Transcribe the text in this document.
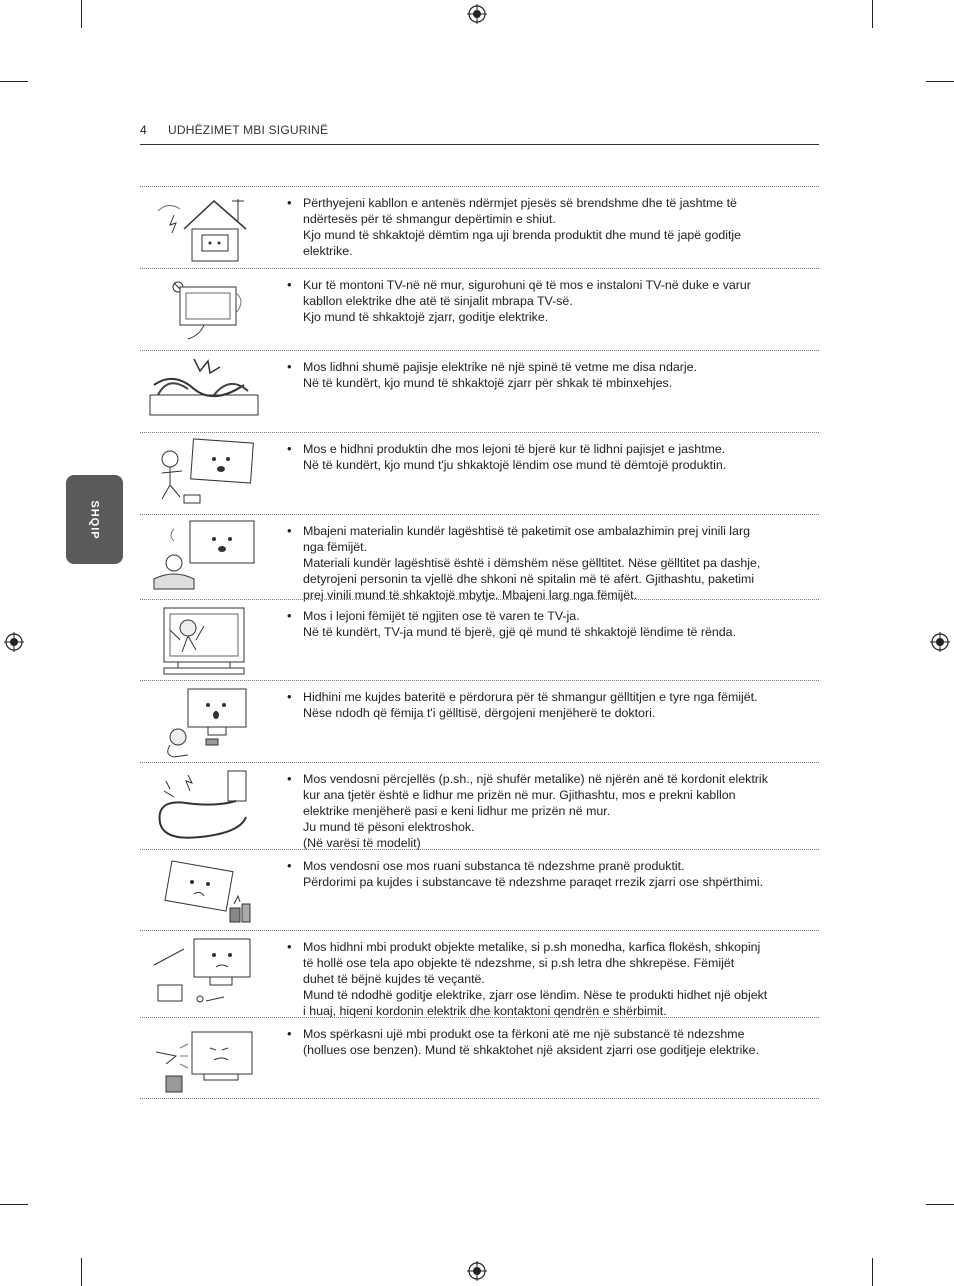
4 UDHËZIMET MBI SIGURINË
SHQIP
• Përthyejeni kabllon e antenës ndërmjet pjesës së brendshme dhe të jashtme të
ndërtesës për të shmangur depërtimin e shiut.
Kjo mund të shkaktojë dëmtim nga uji brenda produktit dhe mund të japë goditje
elektrike.
• Kur të montoni TV-në në mur, sigurohuni që të mos e instaloni TV-në duke e varur
kabllon elektrike dhe atë të sinjalit mbrapa TV-së.
Kjo mund të shkaktojë zjarr, goditje elektrike.
• Mos lidhni shumë pajisje elektrike në një spinë të vetme me disa ndarje.
Në të kundërt, kjo mund të shkaktojë zjarr për shkak të mbinxehjes.
• Mos e hidhni produktin dhe mos lejoni të bjerë kur të lidhni pajisjet e jashtme.
Në të kundërt, kjo mund t'ju shkaktojë lëndim ose mund të dëmtojë produktin.
• Mbajeni materialin kundër lagështisë të paketimit ose ambalazhimin prej vinili larg
nga fëmijët.
Materiali kundër lagështisë është i dëmshëm nëse gëlltitet. Nëse gëlltitet pa dashje,
detyrojeni personin ta vjellë dhe shkoni në spitalin më të afërt. Gjithashtu, paketimi
prej vinili mund të shkaktojë mbytje. Mbajeni larg nga fëmijët.
• Mos i lejoni fëmijët të ngjiten ose të varen te TV-ja.
Në të kundërt, TV-ja mund të bjerë, gjë që mund të shkaktojë lëndime të rënda.
• Hidhini me kujdes bateritë e përdorura për të shmangur gëlltitjen e tyre nga fëmijët.
Nëse ndodh që fëmija t'i gëlltisë, dërgojeni menjëherë te doktori.
• Mos vendosni përcjellës (p.sh., një shufër metalike) në njërën anë të kordonit elektrik
kur ana tjetër është e lidhur me prizën në mur. Gjithashtu, mos e prekni kabllon
elektrike menjëherë pasi e keni lidhur me prizën në mur.
Ju mund të pësoni elektroshok.
(Në varësi të modelit)
• Mos vendosni ose mos ruani substanca të ndezshme pranë produktit.
Përdorimi pa kujdes i substancave të ndezshme paraqet rrezik zjarri ose shpërthimi.
• Mos hidhni mbi produkt objekte metalike, si p.sh monedha, karfica flokësh, shkopinj
të hollë ose tela apo objekte të ndezshme, si p.sh letra dhe shkrepëse. Fëmijët
duhet të bëjnë kujdes të veçantë.
Mund të ndodhë goditje elektrike, zjarr ose lëndim. Nëse te produkti hidhet një objekt
i huaj, hiqeni kordonin elektrik dhe kontaktoni qendrën e shërbimit.
• Mos spërkasni ujë mbi produkt ose ta fërkoni atë me një substancë të ndezshme
(hollues ose benzen). Mund të shkaktohet një aksident zjarri ose goditjeje elektrike.
